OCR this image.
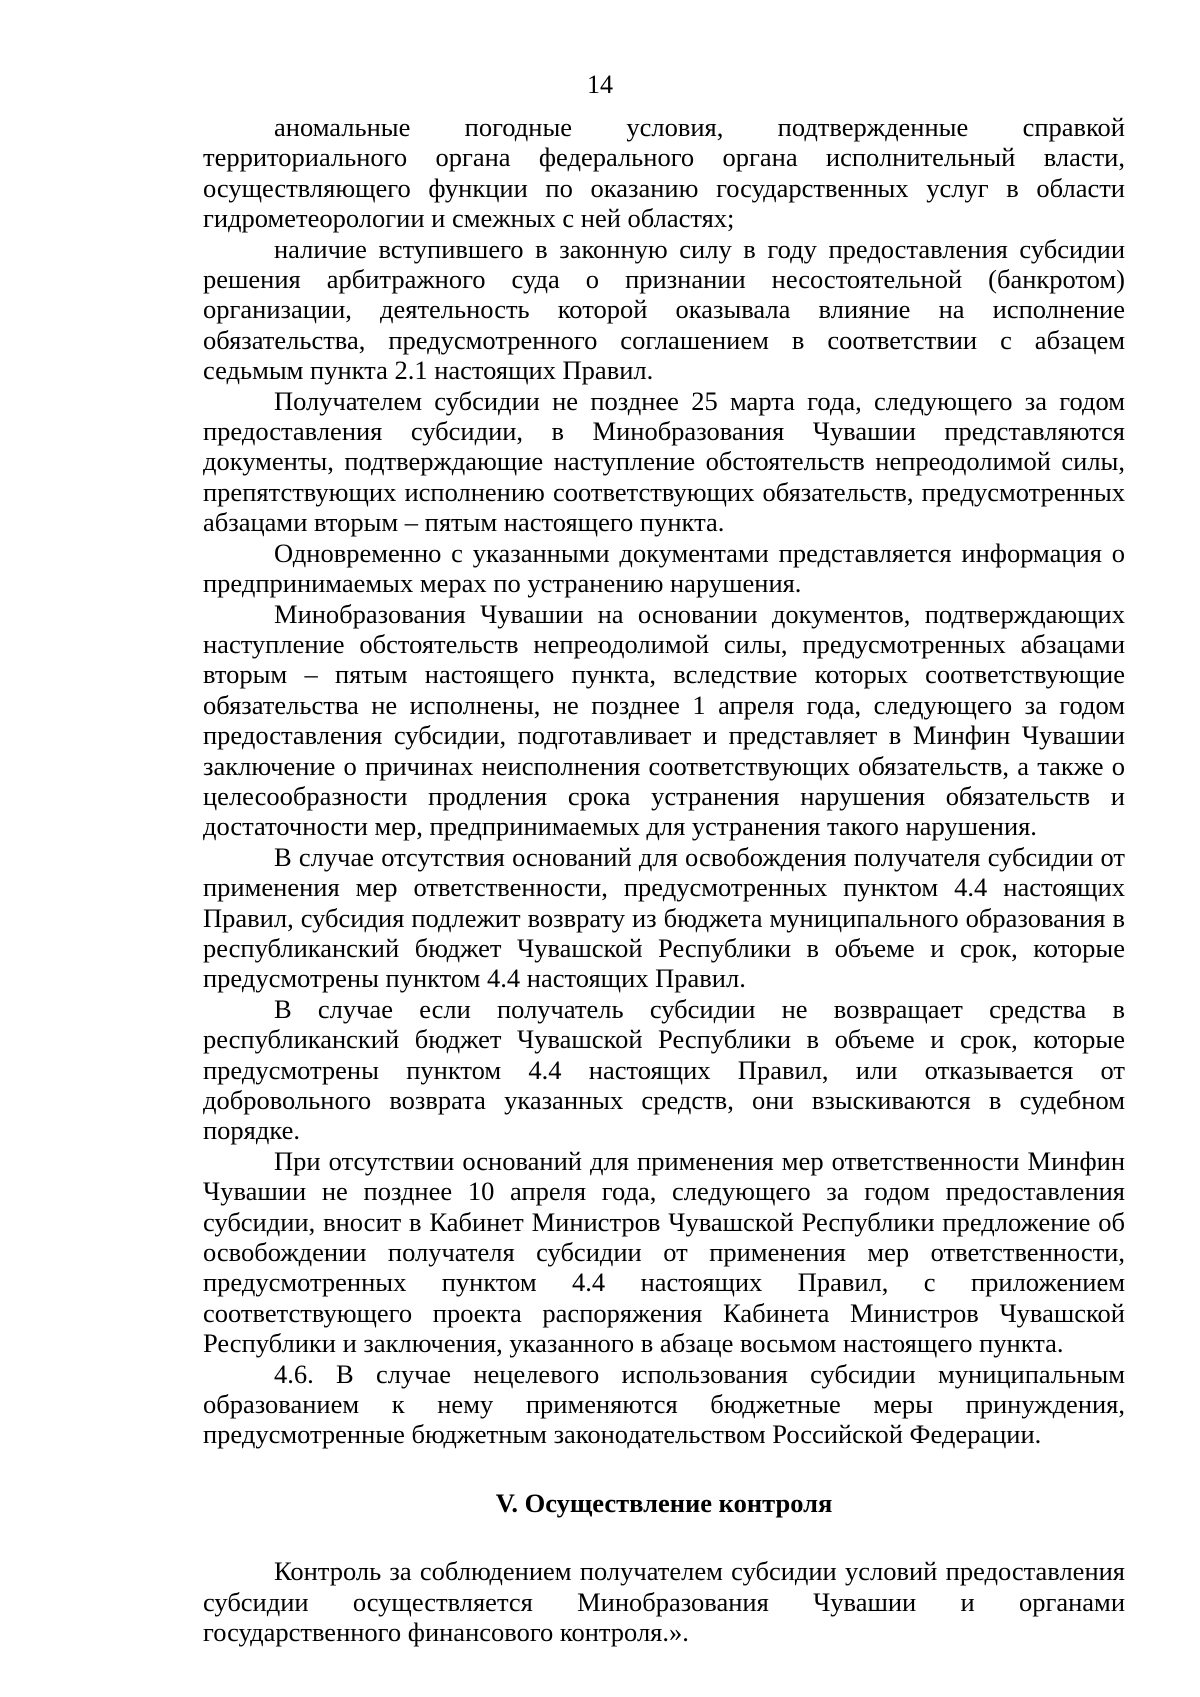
14

аномальные погодные условия, подтвержденные справкой территориального органа федерального органа исполнительный власти, осуществляющего функции по оказанию государственных услуг в области гидрометеорологии и смежных с ней областях;

наличие вступившего в законную силу в году предоставления субсидии решения арбитражного суда о признании несостоятельной (банкротом) организации, деятельность которой оказывала влияние на исполнение обязательства, предусмотренного соглашением в соответствии с абзацем седьмым пункта 2.1 настоящих Правил.

Получателем субсидии не позднее 25 марта года, следующего за годом предоставления субсидии, в Минобразования Чувашии представляются документы, подтверждающие наступление обстоятельств непреодолимой силы, препятствующих исполнению соответствующих обязательств, предусмотренных абзацами вторым – пятым настоящего пункта.

Одновременно с указанными документами представляется информация о предпринимаемых мерах по устранению нарушения.

Минобразования Чувашии на основании документов, подтверждающих наступление обстоятельств непреодолимой силы, предусмотренных абзацами вторым – пятым настоящего пункта, вследствие которых соответствующие обязательства не исполнены, не позднее 1 апреля года, следующего за годом предоставления субсидии, подготавливает и представляет в Минфин Чувашии заключение о причинах неисполнения соответствующих обязательств, а также о целесообразности продления срока устранения нарушения обязательств и достаточности мер, предпринимаемых для устранения такого нарушения.

В случае отсутствия оснований для освобождения получателя субсидии от применения мер ответственности, предусмотренных пунктом 4.4 настоящих Правил, субсидия подлежит возврату из бюджета муниципального образования в республиканский бюджет Чувашской Республики в объеме и срок, которые предусмотрены пунктом 4.4 настоящих Правил.

В случае если получатель субсидии не возвращает средства в республиканский бюджет Чувашской Республики в объеме и срок, которые предусмотрены пунктом 4.4 настоящих Правил, или отказывается от добровольного возврата указанных средств, они взыскиваются в судебном порядке.

При отсутствии оснований для применения мер ответственности Минфин Чувашии не позднее 10 апреля года, следующего за годом предоставления субсидии, вносит в Кабинет Министров Чувашской Республики предложение об освобождении получателя субсидии от применения мер ответственности, предусмотренных пунктом 4.4 настоящих Правил, с приложением соответствующего проекта распоряжения Кабинета Министров Чувашской Республики и заключения, указанного в абзаце восьмом настоящего пункта.

4.6. В случае нецелевого использования субсидии муниципальным образованием к нему применяются бюджетные меры принуждения, предусмотренные бюджетным законодательством Российской Федерации.

V. Осуществление контроля

Контроль за соблюдением получателем субсидии условий предоставления субсидии осуществляется Минобразования Чувашии и органами государственного финансового контроля.».
